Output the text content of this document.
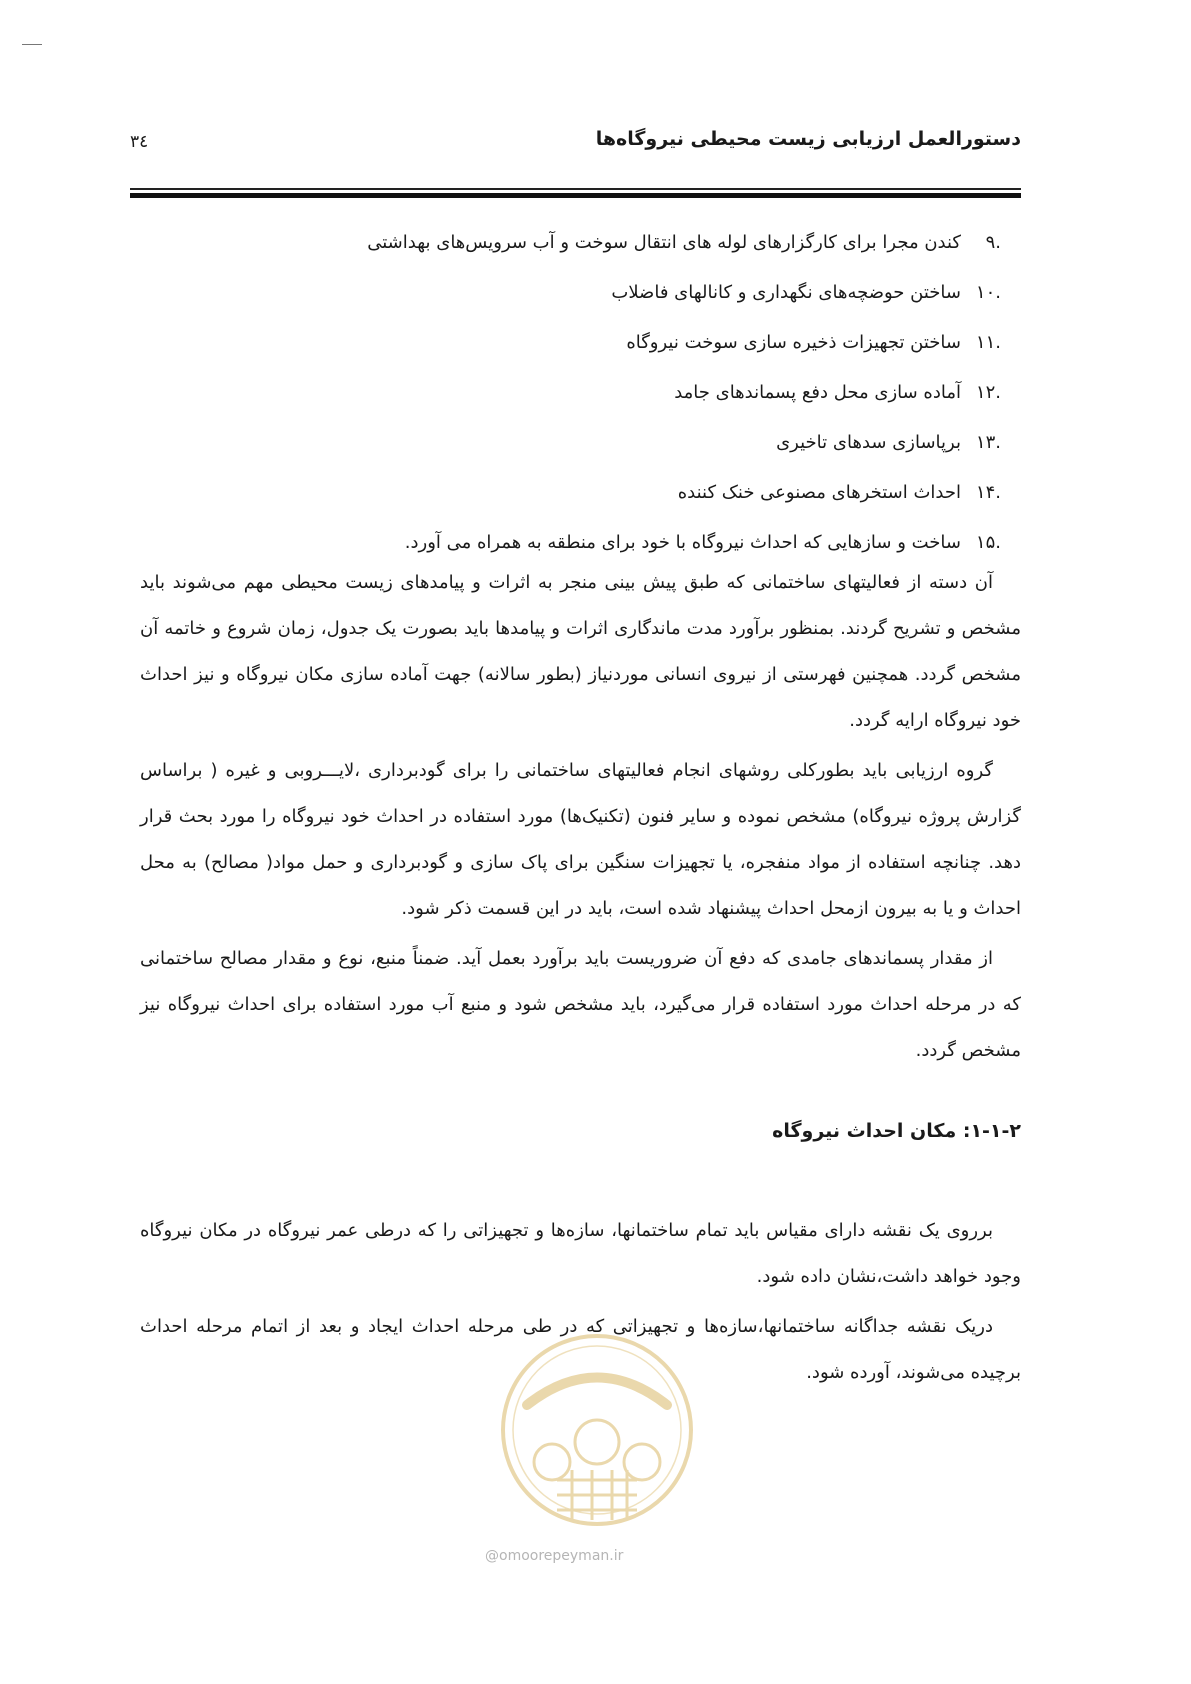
دستورالعمل ارزیابی زیست محیطی نیروگاه‌ها
۳٤
.۹کندن مجرا برای کارگزارهای لوله های انتقال سوخت و آب سرویس‌های بهداشتی
.۱۰ساختن حوضچه‌های نگهداری و کانالهای فاضلاب
.۱۱ساختن تجهیزات ذخیره سازی سوخت نیروگاه
.۱۲آماده سازی محل دفع پسماندهای جامد
.۱۳برپاسازی سدهای تاخیری
.۱۴احداث استخرهای مصنوعی خنک کننده
.۱۵ساخت و سازهایی که احداث نیروگاه با خود برای منطقه به همراه می آورد.

آن دسته از فعالیتهای ساختمانی که طبق پیش بینی منجر به اثرات و پیامدهای زیست محیطی مهم می‌شوند باید مشخص و تشریح گردند. بمنظور برآورد مدت ماندگاری اثرات و پیامدها باید بصورت یک جدول، زمان شروع و خاتمه آن مشخص گردد. همچنین فهرستی از نیروی انسانی موردنیاز (بطور سالانه) جهت آماده سازی مکان نیروگاه و نیز احداث خود نیروگاه ارایه گردد.

گروه ارزیابی باید بطورکلی روشهای انجام فعالیتهای ساختمانی را برای گودبرداری ،لایـــروبی و غیره ( براساس گزارش پروژه نیروگاه) مشخص نموده و سایر فنون (تکنیک‌ها) مورد استفاده در احداث خود نیروگاه را مورد بحث قرار دهد. چنانچه استفاده از مواد منفجره، یا تجهیزات سنگین برای پاک سازی و گودبرداری و حمل مواد( مصالح) به محل احداث و یا به بیرون ازمحل احداث پیشنهاد شده است، باید در این قسمت ذکر شود.

از مقدار پسماندهای جامدی که دفع آن ضروریست باید برآورد بعمل آید. ضمناً منبع، نوع و مقدار مصالح ساختمانی که در مرحله احداث مورد استفاده قرار می‌گیرد، باید مشخص شود و منبع آب مورد استفاده برای احداث نیروگاه نیز مشخص گردد.

۱-۱-۲: مکان احداث نیروگاه

برروی یک نقشه دارای مقیاس باید تمام ساختمانها، سازه‌ها و تجهیزاتی را که درطی عمر نیروگاه در مکان نیروگاه وجود خواهد داشت،نشان داده شود.

دریک نقشه جداگانه ساختمانها،سازه‌ها و تجهیزاتی که در طی مرحله احداث ایجاد و بعد از اتمام مرحله احداث برچیده می‌شوند، آورده شود.

@omoorepeyman.ir
